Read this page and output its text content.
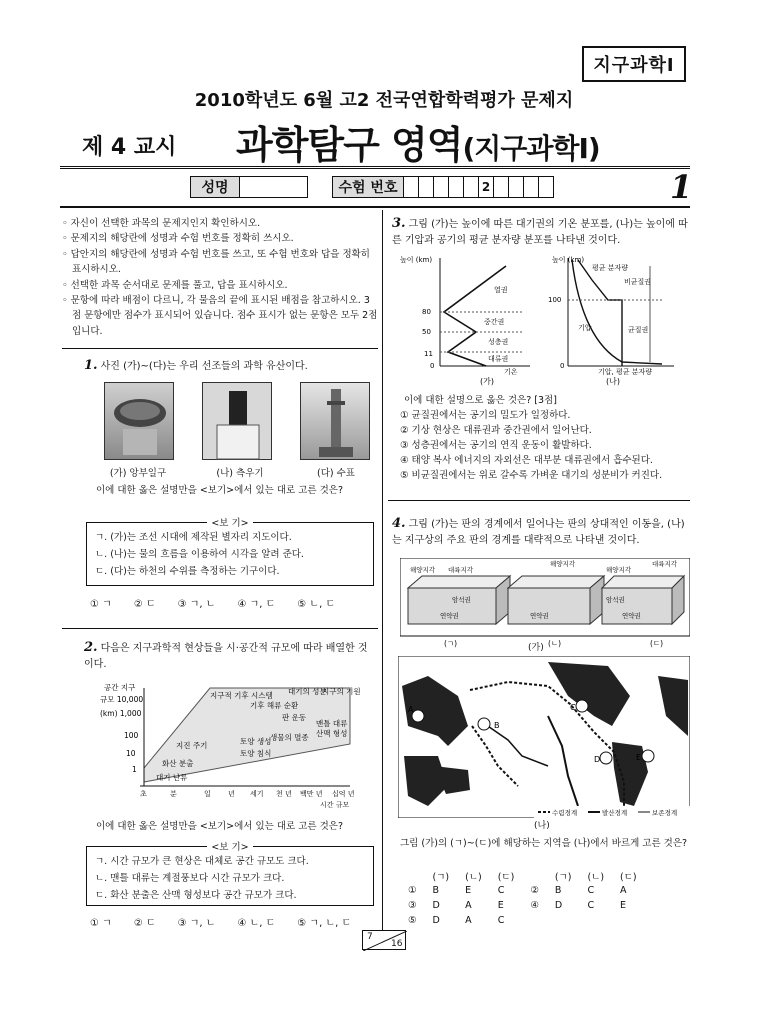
지구과학Ⅰ
2010학년도 6월 고2 전국연합학력평가 문제지
제 4 교시 과학탐구 영역(지구과학Ⅰ)
성명	수험 번호	2	1
◦ 자신이 선택한 과목의 문제지인지 확인하시오.
◦ 문제지의 해당란에 성명과 수험 번호를 정확히 쓰시오.
◦ 답안지의 해당란에 성명과 수험 번호를 쓰고, 또 수험 번호와 답을 정확히 표시하시오.
◦ 선택한 과목 순서대로 문제를 풀고, 답을 표시하시오.
◦ 문항에 따라 배점이 다르니, 각 물음의 끝에 표시된 배점을 참고하시오. 3점 문항에만 점수가 표시되어 있습니다. 점수 표시가 없는 문항은 모두 2점입니다.
1. 사진 (가)~(다)는 우리 선조들의 과학 유산이다.
(가) 앙부일구	(나) 측우기	(다) 수표
이에 대한 옳은 설명만을 <보기>에서 있는 대로 고른 것은?
<보 기>
ㄱ. (가)는 조선 시대에 제작된 별자리 지도이다.
ㄴ. (나)는 물의 흐름을 이용하여 시각을 알려 준다.
ㄷ. (다)는 하천의 수위를 측정하는 기구이다.
① ㄱ ② ㄷ ③ ㄱ, ㄴ ④ ㄱ, ㄷ ⑤ ㄴ, ㄷ
2. 다음은 지구과학적 현상들을 시·공간적 규모에 따라 배열한 것이다.
공간 지구
규모 10,000
(km) 1,000
100
10
1
초	분	일 년 세기 천 년 백만 년 십억 년
시간 규모
지구적 기후 시스템
기후 해류 순환
대기의 성분
지구의 기원
판 운동
맨틀 대류
산맥 형성
지진 주기	토양 생성
생물의 멸종
화산 분출
토양 침식
대기 난류
이에 대한 옳은 설명만을 <보기>에서 있는 대로 고른 것은?
<보 기>
ㄱ. 시간 규모가 큰 현상은 대체로 공간 규모도 크다.
ㄴ. 맨틀 대류는 계절풍보다 시간 규모가 크다.
ㄷ. 화산 분출은 산맥 형성보다 공간 규모가 크다.
① ㄱ ② ㄷ ③ ㄱ, ㄴ ④ ㄴ, ㄷ ⑤ ㄱ, ㄴ, ㄷ
3. 그림 (가)는 높이에 따른 대기권의 기온 분포를, (나)는 높이에 따른 기압과 공기의 평균 분자량 분포를 나타낸 것이다.
높이 (km)
80
50
11
0
열권
중간권
성층권
대류권
기온
(가)
높이 (km)
100
0
평균 분자량
비균질권
기압	균질권
기압, 평균 분자량
(나)
이에 대한 설명으로 옳은 것은? [3점]
① 균질권에서는 공기의 밀도가 일정하다.
② 기상 현상은 대류권과 중간권에서 일어난다.
③ 성층권에서는 공기의 연직 운동이 활발하다.
④ 태양 복사 에너지의 자외선은 대부분 대류권에서 흡수된다.
⑤ 비균질권에서는 위로 갈수록 가벼운 대기의 성분비가 커진다.
4. 그림 (가)는 판의 경계에서 일어나는 판의 상대적인 이동을, (나)는 지구상의 주요 판의 경계를 대략적으로 나타낸 것이다.
해양지각 대륙지각
암석권
연약권
(ㄱ)
해양지각
연약권
(ㄴ)
해양지각
대륙지각
암석권
연약권
(ㄷ)
(가)
A
B
C
D	E
수렴경계	발산경계	보존경계
(나)
그림 (가)의 (ㄱ)~(ㄷ)에 해당하는 지역을 (나)에서 바르게 고른 것은?
	(ㄱ)	(ㄴ)	(ㄷ)		(ㄱ)	(ㄴ)	(ㄷ)
①	B	E	C	②	B	C	A
③	D	A	E	④	D	C	E
⑤	D	A	C				
7
16
